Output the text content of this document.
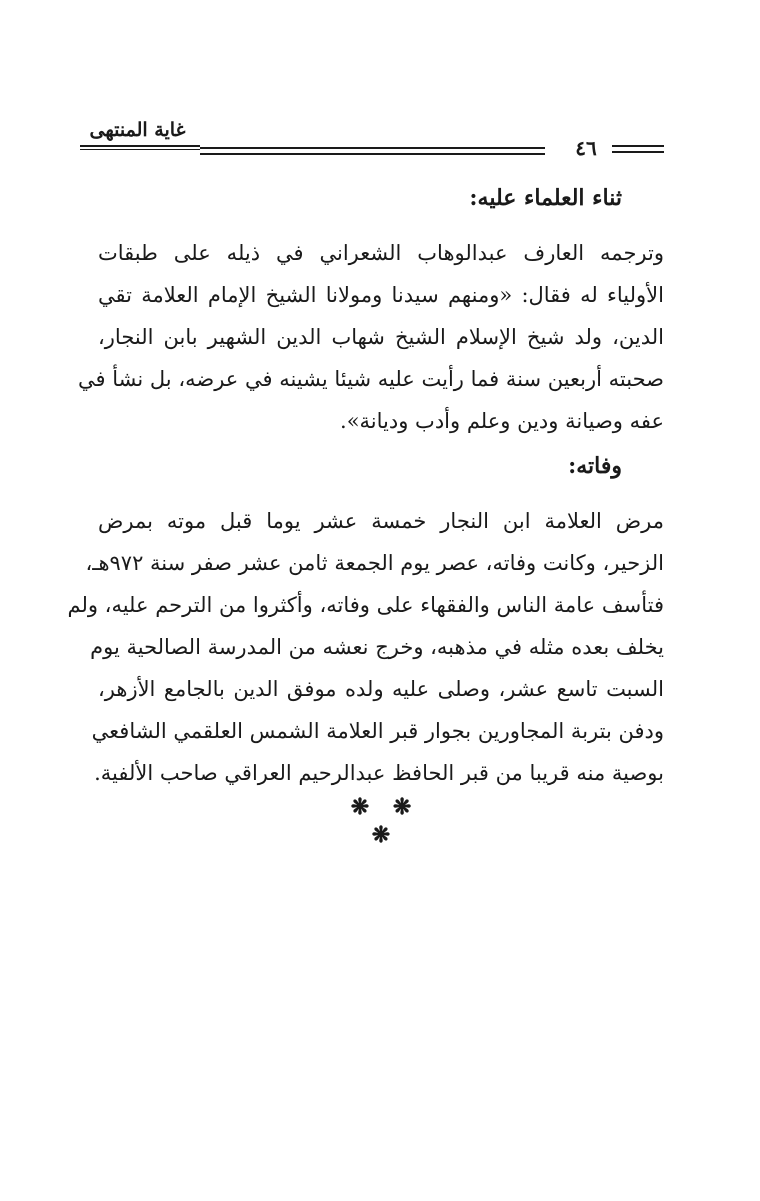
غاية المنتهى
٤٦
ثناء العلماء عليه:
وترجمه العارف عبدالوهاب الشعراني في ذيله على طبقات
الأولياء له فقال: «ومنهم سيدنا ومولانا الشيخ الإمام العلامة تقي
الدين، ولد شيخ الإسلام الشيخ شهاب الدين الشهير بابن النجار،
صحبته أربعين سنة فما رأيت عليه شيئا يشينه في عرضه، بل نشأ في
عفه وصيانة ودين وعلم وأدب وديانة».
وفاته:
مرض العلامة ابن النجار خمسة عشر يوما قبل موته بمرض
الزحير، وكانت وفاته، عصر يوم الجمعة ثامن عشر صفر سنة ٩٧٢هـ،
فتأسف عامة الناس والفقهاء على وفاته، وأكثروا من الترحم عليه، ولم
يخلف بعده مثله في مذهبه، وخرج نعشه من المدرسة الصالحية يوم
السبت تاسع عشر، وصلى عليه ولده موفق الدين بالجامع الأزهر،
ودفن بتربة المجاورين بجوار قبر العلامة الشمس العلقمي الشافعي
بوصية منه قريبا من قبر الحافظ عبدالرحيم العراقي صاحب الألفية.
❋ ❋ ❋
